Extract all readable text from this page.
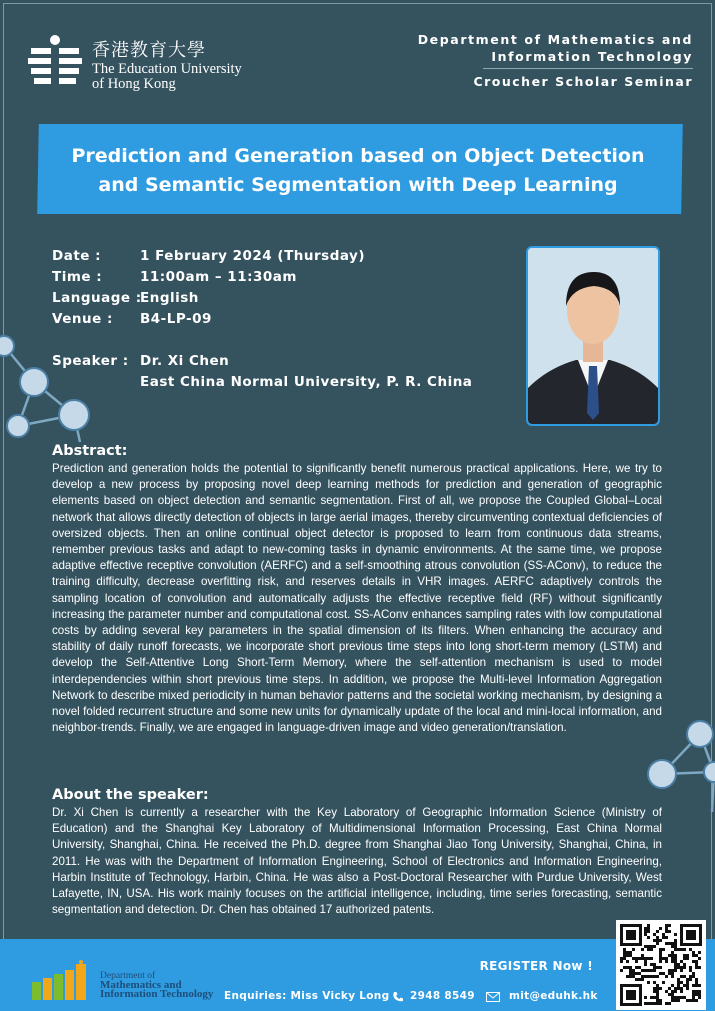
香港教育大學
The Education University
of Hong Kong
Department of Mathematics and
Information Technology
Croucher Scholar Seminar
Prediction and Generation based on Object Detection
and Semantic Segmentation with Deep Learning
Date :	1 February 2024 (Thursday)
Time :	11:00am – 11:30am
Language :
English
Venue :	B4-LP-09
Speaker : Dr. Xi Chen
East China Normal University, P. R. China
Abstract:
Prediction and generation holds the potential to significantly benefit numerous practical applications. Here, we try to develop a new process by proposing novel deep learning methods for prediction and generation of geographic elements based on object detection and semantic segmentation. First of all, we propose the Coupled Global–Local network that allows directly detection of objects in large aerial images, thereby circumventing contextual deficiencies of oversized objects. Then an online continual object detector is proposed to learn from continuous data streams, remember previous tasks and adapt to new-coming tasks in dynamic environments. At the same time, we propose adaptive effective receptive convolution (AERFC) and a self-smoothing atrous convolution (SS-AConv), to reduce the training difficulty, decrease overfitting risk, and reserves details in VHR images. AERFC adaptively controls the sampling location of convolution and automatically adjusts the effective receptive field (RF) without significantly increasing the parameter number and computational cost. SS-AConv enhances sampling rates with low computational costs by adding several key parameters in the spatial dimension of its filters. When enhancing the accuracy and stability of daily runoff forecasts, we incorporate short previous time steps into long short-term memory (LSTM) and develop the Self-Attentive Long Short-Term Memory, where the self-attention mechanism is used to model interdependencies within short previous time steps. In addition, we propose the Multi-level Information Aggregation Network to describe mixed periodicity in human behavior patterns and the societal working mechanism, by designing a novel folded recurrent structure and some new units for dynamically update of the local and mini-local information, and neighbor-trends. Finally, we are engaged in language-driven image and video generation/translation.
About the speaker:
Dr. Xi Chen is currently a researcher with the Key Laboratory of Geographic Information Science (Ministry of Education) and the Shanghai Key Laboratory of Multidimensional Information Processing, East China Normal University, Shanghai, China. He received the Ph.D. degree from Shanghai Jiao Tong University, Shanghai, China, in 2011. He was with the Department of Information Engineering, School of Electronics and Information Engineering, Harbin Institute of Technology, Harbin, China. He was also a Post-Doctoral Researcher with Purdue University, West Lafayette, IN, USA. His work mainly focuses on the artificial intelligence, including, time series forecasting, semantic segmentation and detection. Dr. Chen has obtained 17 authorized patents.
Department of
Mathematics and
Information Technology
REGISTER Now !
Enquiries: Miss Vicky Long 2948 8549	mit@eduhk.hk
